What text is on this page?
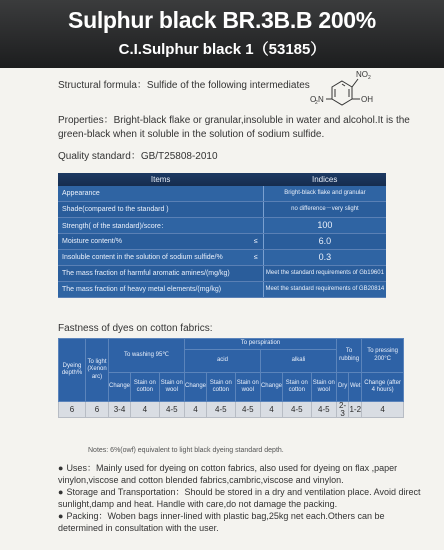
Sulphur black BR.3B.B 200%
C.I.Sulphur black 1（53185）
Structural formula：Sulfide of the following intermediates
NO 2
OH
O
2 N
Properties：Bright-black flake or granular,insoluble in water and alcohol.It is the green-black when it soluble in the solution of sodium sulfide.
Quality standard：GB/T25808-2010
Items		Indices
Appearance		Bright-black flake and granular
Shade(compared to the standard )		no difference－very slight
Strength( of the standard)/score：		100
Moisture content/%	≤	6.0
Insoluble content in the solution of sodium sulfide/%	≤	0.3
The mass fraction of harmful aromatic amines/(mg/kg)		Meet the standard requirements of Gb19601
The mass fraction of heavy metal elements/(mg/kg)		Meet the standard requirements of GB20814
Fastness of dyes on cotton fabrics:
Dyeing depth%	To light (Xenon arc)	To washing 95℃			To perspiration						To rubbing		To pressing 200°C
					acid			alkali					
		Change	Stain on cotton	Stain on wool	Change	Stain on cotton	Stain on wool	Change	Stain on cotton	Stain on wool	Dry	Wet	Change (after 4 hours)
6	6	3-4	4	4-5	4	4-5	4-5	4	4-5	4-5	2-3	1-2	4
Notes: 6%(owf) equivalent to light black dyeing standard depth.
● Uses：Mainly used for dyeing on cotton fabrics, also used for dyeing on flax ,paper vinylon,viscose and cotton blended fabrics,cambric,viscose and vinylon.
● Storage and Transportation：Should be stored in a dry and ventilation place. Avoid direct sunlight,damp and heat. Handle with care,do not damage the packing.
● Packing：Woben bags inner-lined with plastic bag,25kg net each.Others can be determined in consultation with the user.
